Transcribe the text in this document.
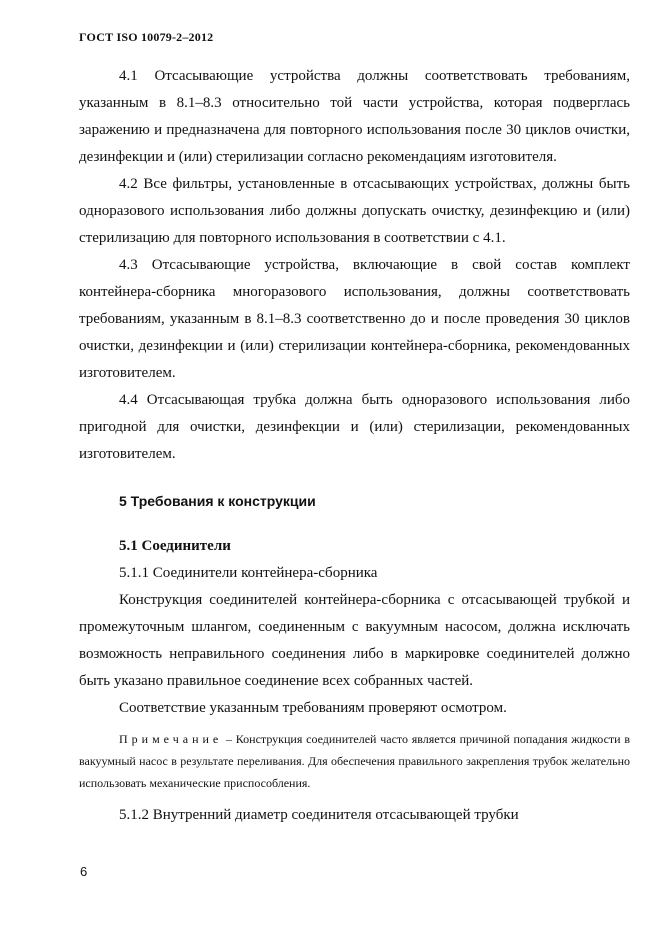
ГОСТ ISO 10079-2–2012

4.1 Отсасывающие устройства должны соответствовать требованиям, указанным в 8.1–8.3 относительно той части устройства, которая подверглась заражению и предназначена для повторного использования после 30 циклов очистки, дезинфекции и (или) стерилизации согласно рекомендациям изготовителя.

4.2 Все фильтры, установленные в отсасывающих устройствах, должны быть одноразового использования либо должны допускать очистку, дезинфекцию и (или) стерилизацию для повторного использования в соответствии с 4.1.

4.3 Отсасывающие устройства, включающие в свой состав комплект контейнера-сборника многоразового использования, должны соответствовать требованиям, указанным в 8.1–8.3 соответственно до и после проведения 30 циклов очистки, дезинфекции и (или) стерилизации контейнера-сборника, рекомендованных изготовителем.

4.4 Отсасывающая трубка должна быть одноразового использования либо пригодной для очистки, дезинфекции и (или) стерилизации, рекомендованных изготовителем.

5 Требования к конструкции
5.1 Соединители

5.1.1 Соединители контейнера-сборника

Конструкция соединителей контейнера-сборника с отсасывающей трубкой и промежуточным шлангом, соединенным с вакуумным насосом, должна исключать возможность неправильного соединения либо в маркировке соединителей должно быть указано правильное соединение всех собранных частей.

Соответствие указанным требованиям проверяют осмотром.

Примечание – Конструкция соединителей часто является причиной попадания жидкости в вакуумный насос в результате переливания. Для обеспечения правильного закрепления трубок желательно использовать механические приспособления.

5.1.2 Внутренний диаметр соединителя отсасывающей трубки

6
